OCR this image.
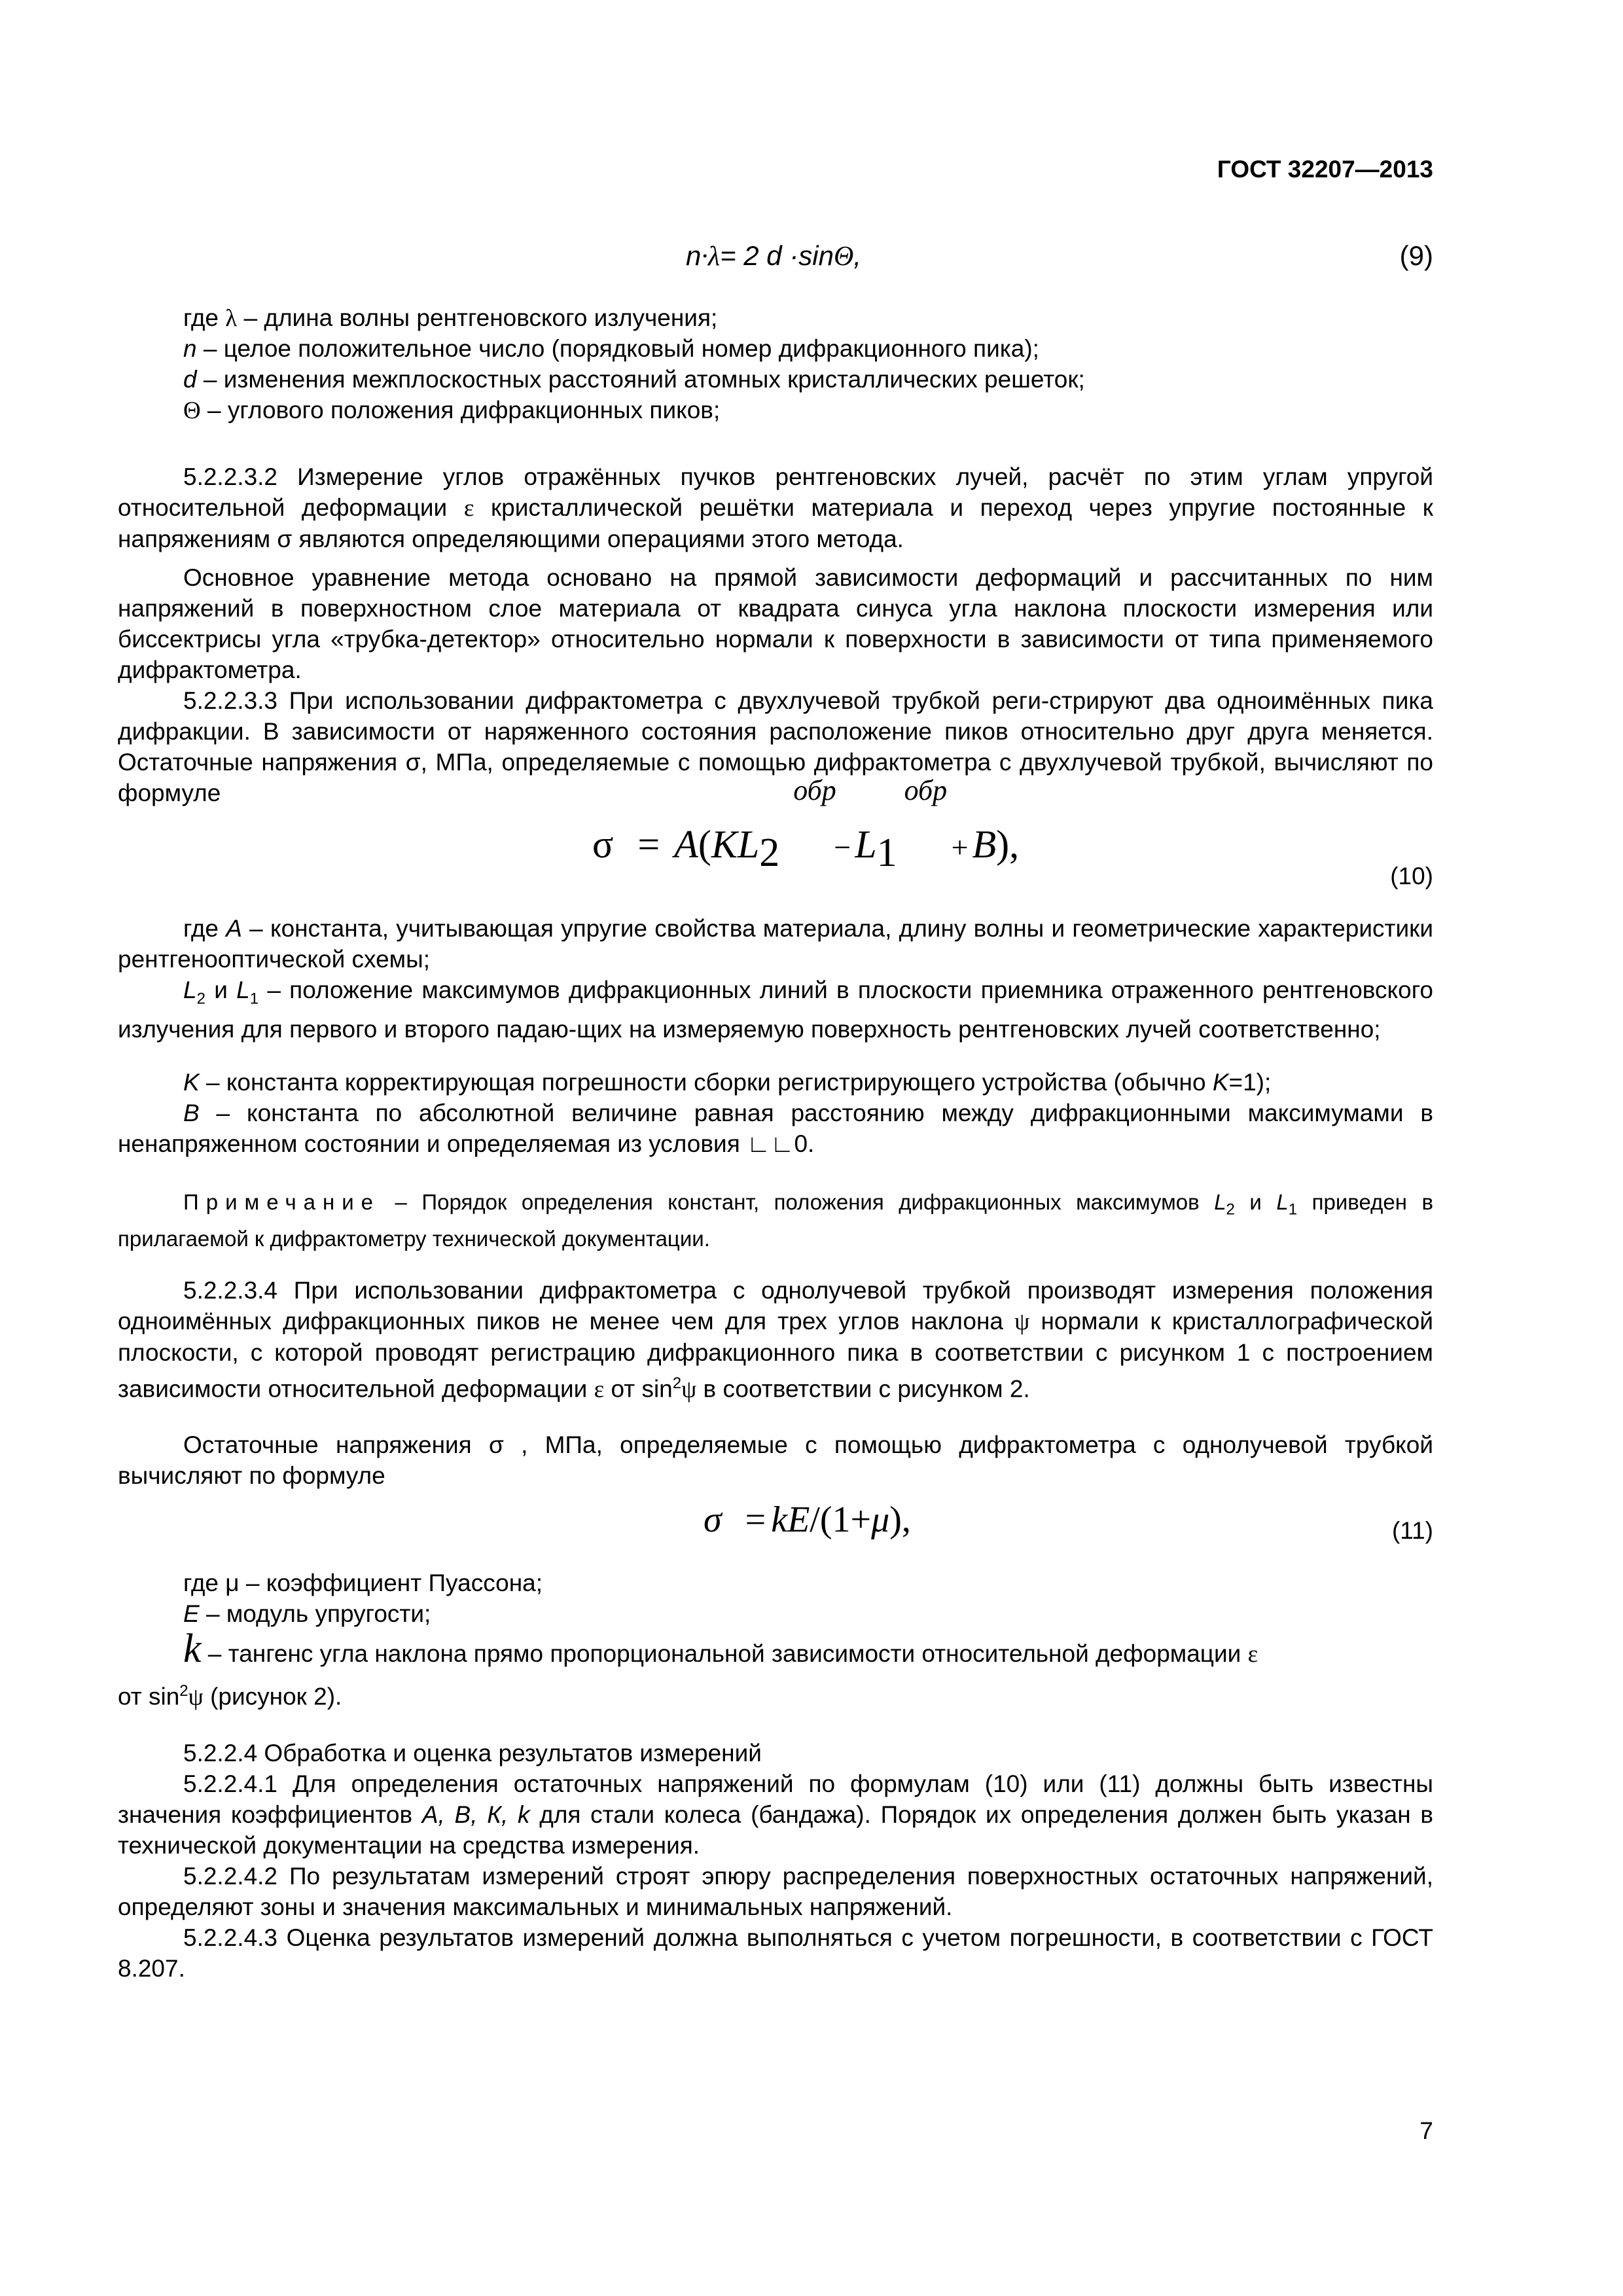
ГОСТ 32207—2013
n·λ= 2 d ·sinΘ,	(9)

где λ – длина волны рентгеновского излучения;

n – целое положительное число (порядковый номер дифракционного пика);

d – изменения межплоскостных расстояний атомных кристаллических решеток;

Θ – углового положения дифракционных пиков;

5.2.2.3.2 Измерение углов отражённых пучков рентгеновских лучей, расчёт по этим углам упругой относительной деформации ε кристаллической решётки материала и переход через упругие постоянные к напряжениям σ являются определяющими операциями этого метода.

Основное уравнение метода основано на прямой зависимости деформаций и рассчитанных по ним напряжений в поверхностном слое материала от квадрата синуса угла наклона плоскости измерения или биссектрисы угла «трубка-детектор» относительно нормали к поверхности в зависимости от типа применяемого дифрактометра.

5.2.2.3.3 При использовании дифрактометра с двухлучевой трубкой реги-стрируют два одноимённых пика дифракции. В зависимости от наряженного состояния расположение пиков относительно друг друга меняется. Остаточные напряжения σ, МПа, определяемые с помощью дифрактометра с двухлучевой трубкой, вычисляют по формуле

σ = A(KL 2
обр
− L 1
обр
+ B),
(10)

где A – константа, учитывающая упругие свойства материала, длину волны и геометрические характеристики рентгенооптической схемы;

$L_2$ и $L_1$ – положение максимумов дифракционных линий в плоскости приемника отраженного рентгеновского излучения для первого и второго падаю-щих на измеряемую поверхность рентгеновских лучей соответственно;

K – константа корректирующая погрешности сборки регистрирующего устройства (обычно K=1);

B – константа по абсолютной величине равная расстоянию между дифракционными максимумами в ненапряженном состоянии и определяемая из условия ∟∟0.

Примечание – Порядок определения констант, положения дифракционных максимумов $L_2$ и $L_1$ приведен в прилагаемой к дифрактометру технической документации.

5.2.2.3.4 При использовании дифрактометра с однолучевой трубкой производят измерения положения одноимённых дифракционных пиков не менее чем для трех углов наклона ψ нормали к кристаллографической плоскости, с которой проводят регистрацию дифракционного пика в соответствии с рисунком 1 с построением зависимости относительной деформации ε от $\sin^2\psi$ в соответствии с рисунком 2.

Остаточные напряжения σ , МПа, определяемые с помощью дифрактометра с однолучевой трубкой вычисляют по формуле

σ = kE/(1+μ),	(11)

где μ – коэффициент Пуассона;

E – модуль упругости;

k – тангенс угла наклона прямо пропорциональной зависимости относительной деформации ε

от $\sin^2\psi$ (рисунок 2).

5.2.2.4 Обработка и оценка результатов измерений

5.2.2.4.1 Для определения остаточных напряжений по формулам (10) или (11) должны быть известны значения коэффициентов А, В, К, k для стали колеса (бандажа). Порядок их определения должен быть указан в технической документации на средства измерения.

5.2.2.4.2 По результатам измерений строят эпюру распределения поверхностных остаточных напряжений, определяют зоны и значения максимальных и минимальных напряжений.

5.2.2.4.3 Оценка результатов измерений должна выполняться с учетом погрешности, в соответствии с ГОСТ 8.207.

7
